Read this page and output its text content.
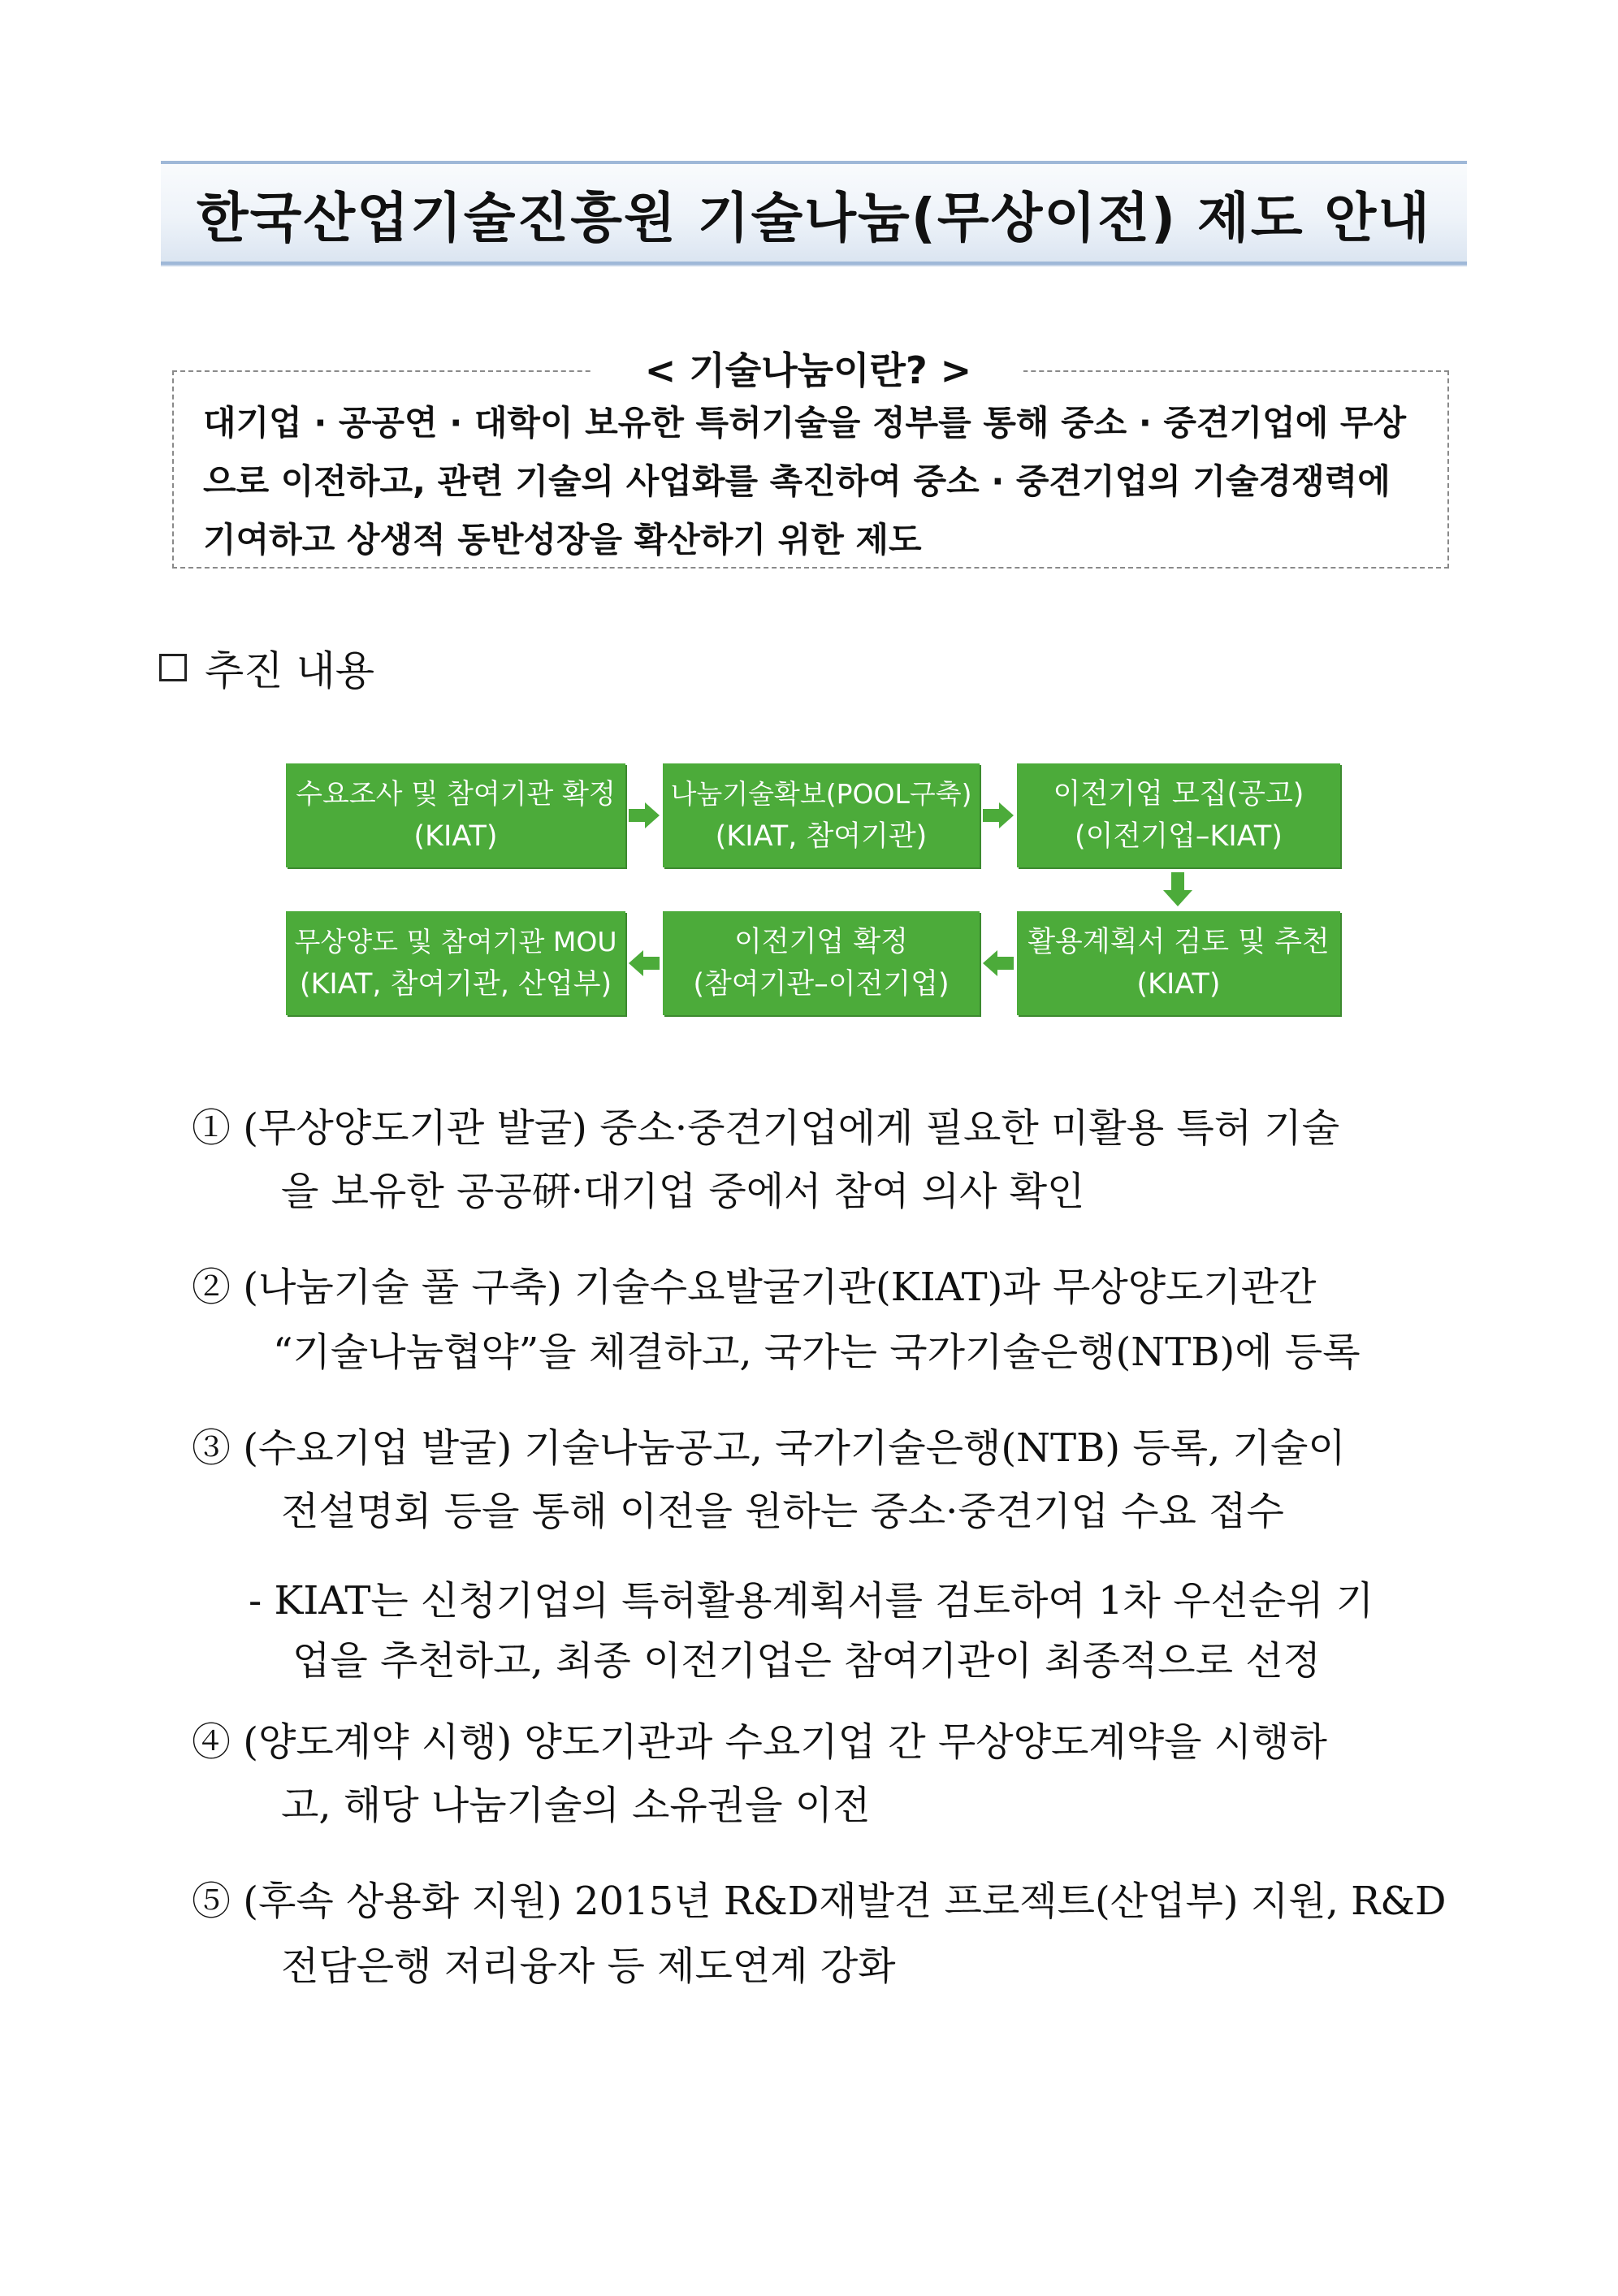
한국산업기술진흥원 기술나눔(무상이전) 제도 안내
< 기술나눔이란? >
대기업 · 공공연 · 대학이 보유한 특허기술을 정부를 통해 중소 · 중견기업에 무상
으로 이전하고, 관련 기술의 사업화를 촉진하여 중소 · 중견기업의 기술경쟁력에
기여하고 상생적 동반성장을 확산하기 위한 제도
추진 내용
수요조사 및 참여기관 확정
(KIAT)
나눔기술확보(POOL구축)
(KIAT, 참여기관)
이전기업 모집(공고)
(이전기업–KIAT)
활용계획서 검토 및 추천
(KIAT)
이전기업 확정
(참여기관–이전기업)
무상양도 및 참여기관 MOU
(KIAT, 참여기관, 산업부)
① (무상양도기관 발굴) 중소·중견기업에게 필요한 미활용 특허 기술
을 보유한 공공硏·대기업 중에서 참여 의사 확인
② (나눔기술 풀 구축) 기술수요발굴기관(KIAT)과 무상양도기관간
“기술나눔협약”을 체결하고, 국가는 국가기술은행(NTB)에 등록
③ (수요기업 발굴) 기술나눔공고, 국가기술은행(NTB) 등록, 기술이
전설명회 등을 통해 이전을 원하는 중소·중견기업 수요 접수
- KIAT는 신청기업의 특허활용계획서를 검토하여 1차 우선순위 기
업을 추천하고, 최종 이전기업은 참여기관이 최종적으로 선정
④ (양도계약 시행) 양도기관과 수요기업 간 무상양도계약을 시행하
고, 해당 나눔기술의 소유권을 이전
⑤ (후속 상용화 지원) 2015년 R&D재발견 프로젝트(산업부) 지원, R&D
전담은행 저리융자 등 제도연계 강화
